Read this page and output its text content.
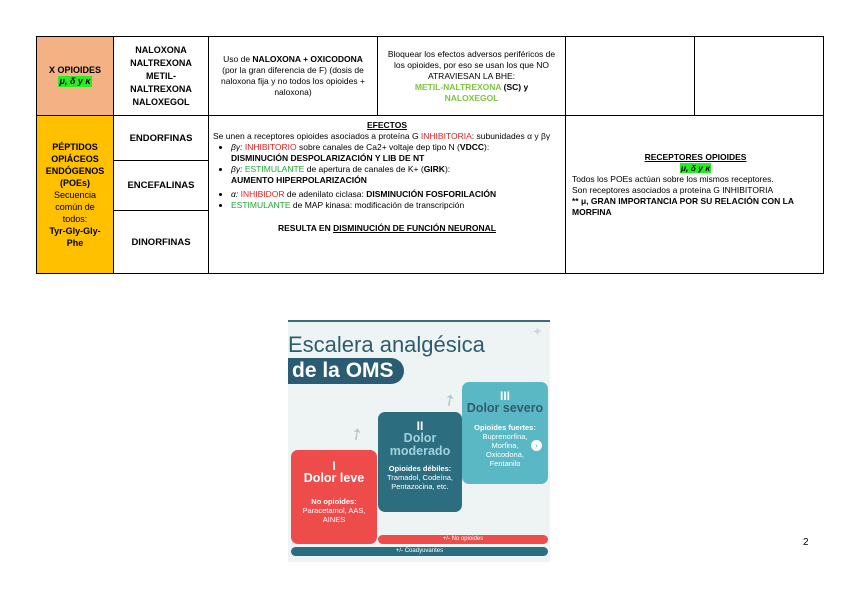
X OPIOIDES
μ, δ y κ
NALOXONA
NALTREXONA
METIL-
NALTREXONA
NALOXEGOL
Uso de NALOXONA + OXICODONA (por la gran diferencia de F) (dosis de naloxona fija y no todos los opioides + naloxona)
Bloquear los efectos adversos periféricos de los opioides, por eso se usan los que NO ATRAVIESAN LA BHE:
METIL-NALTREXONA (SC) y
NALOXEGOL
PÉPTIDOS
OPIÁCEOS
ENDÓGENOS
(POEs)
Secuencia
común de
todos:
Tyr-Gly-Gly-
Phe
ENDORFINAS
ENCEFALINAS
DINORFINAS
EFECTOS
Se unen a receptores opioides asociados a proteína G INHIBITORIA: subunidades α y βγ
• βγ: INHIBITORIO sobre canales de Ca2+ voltaje dep tipo N (VDCC):
DISMINUCIÓN DESPOLARIZACIÓN Y LIB DE NT
• βγ: ESTIMULANTE de apertura de canales de K+ (GIRK):
AUMENTO HIPERPOLARIZACIÓN
• α: INHIBIDOR de adenilato ciclasa: DISMINUCIÓN FOSFORILACIÓN
• ESTIMULANTE de MAP kinasa: modificación de transcripción
RESULTA EN DISMINUCIÓN DE FUNCIÓN NEURONAL
RECEPTORES OPIOIDES
μ, δ y κ
Todos los POEs actúan sobre los mismos receptores.
Son receptores asociados a proteína G INHIBITORIA
** μ, GRAN IMPORTANCIA POR SU RELACIÓN CON LA MORFINA
Escalera analgésica
de la OMS
✦
➚
➚
I
Dolor leve
No opioides:
Paracetamol, AAS, AINES
II
Dolor moderado
Opioides débiles:
Tramadol, Codeína, Pentazocina, etc.
III
Dolor severo
Opioides fuertes:
Buprenorfina, Morfina, Oxicodona, Fentanilo
›
+/- No opioides
+/- Coadyuvantes
2
